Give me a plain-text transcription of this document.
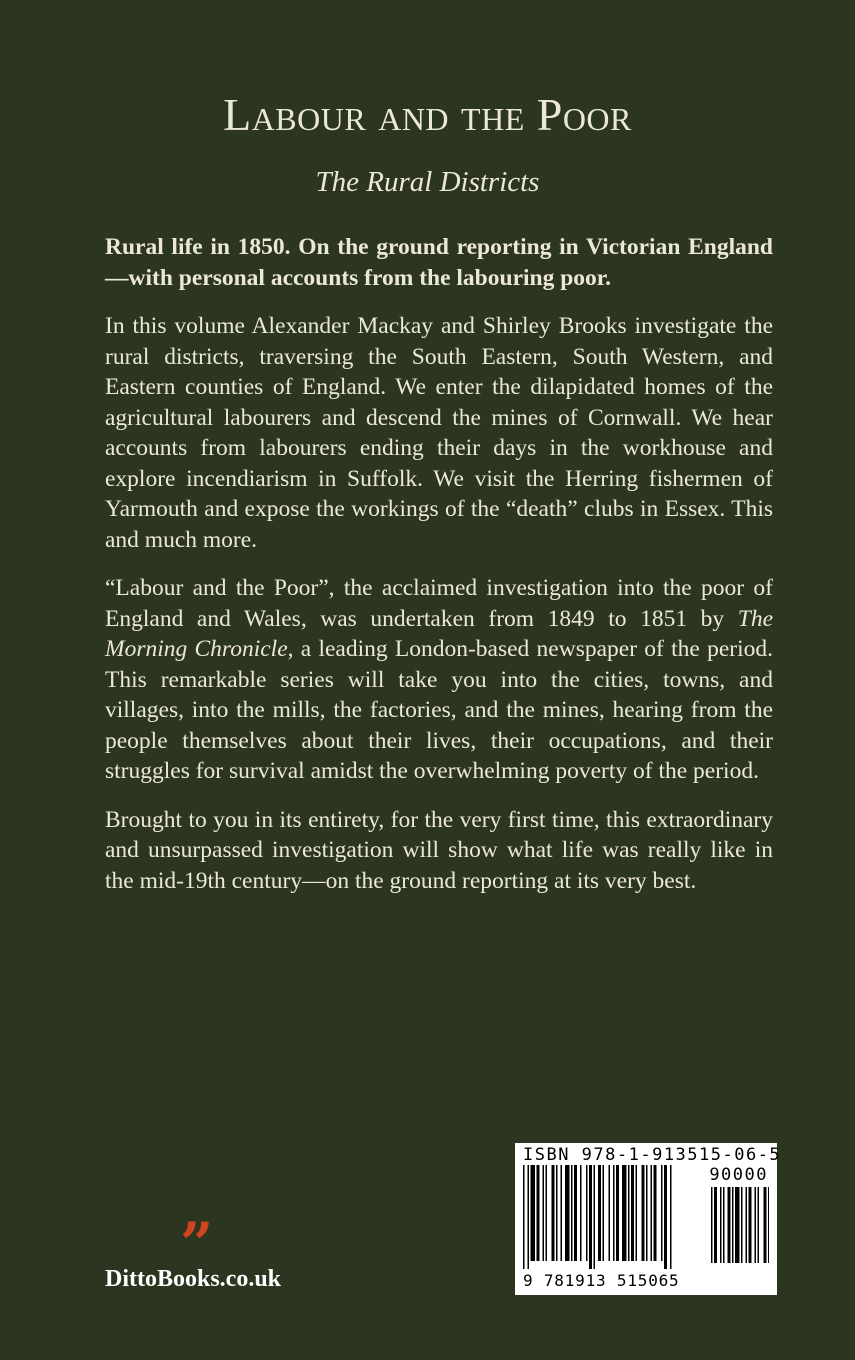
Labour and the Poor
The Rural Districts

Rural life in 1850. On the ground reporting in Victorian England—with personal accounts from the labouring poor.

In this volume Alexander Mackay and Shirley Brooks investigate the rural districts, traversing the South Eastern, South Western, and Eastern counties of England. We enter the dilapidated homes of the agricultural labourers and descend the mines of Cornwall. We hear accounts from labourers ending their days in the workhouse and explore incendiarism in Suffolk. We visit the Herring fishermen of Yarmouth and expose the workings of the “death” clubs in Essex. This and much more.

“Labour and the Poor”, the acclaimed investigation into the poor of England and Wales, was undertaken from 1849 to 1851 by The Morning Chronicle, a leading London-based newspaper of the period. This remarkable series will take you into the cities, towns, and villages, into the mills, the factories, and the mines, hearing from the people themselves about their lives, their occupations, and their struggles for survival amidst the overwhelming poverty of the period.

Brought to you in its entirety, for the very first time, this extraordinary and unsurpassed investigation will show what life was really like in the mid-19th century—on the ground reporting at its very best.

”
DittoBooks.co.uk
ISBN 978-1-913515-06-5
90000
9 781913 515065
